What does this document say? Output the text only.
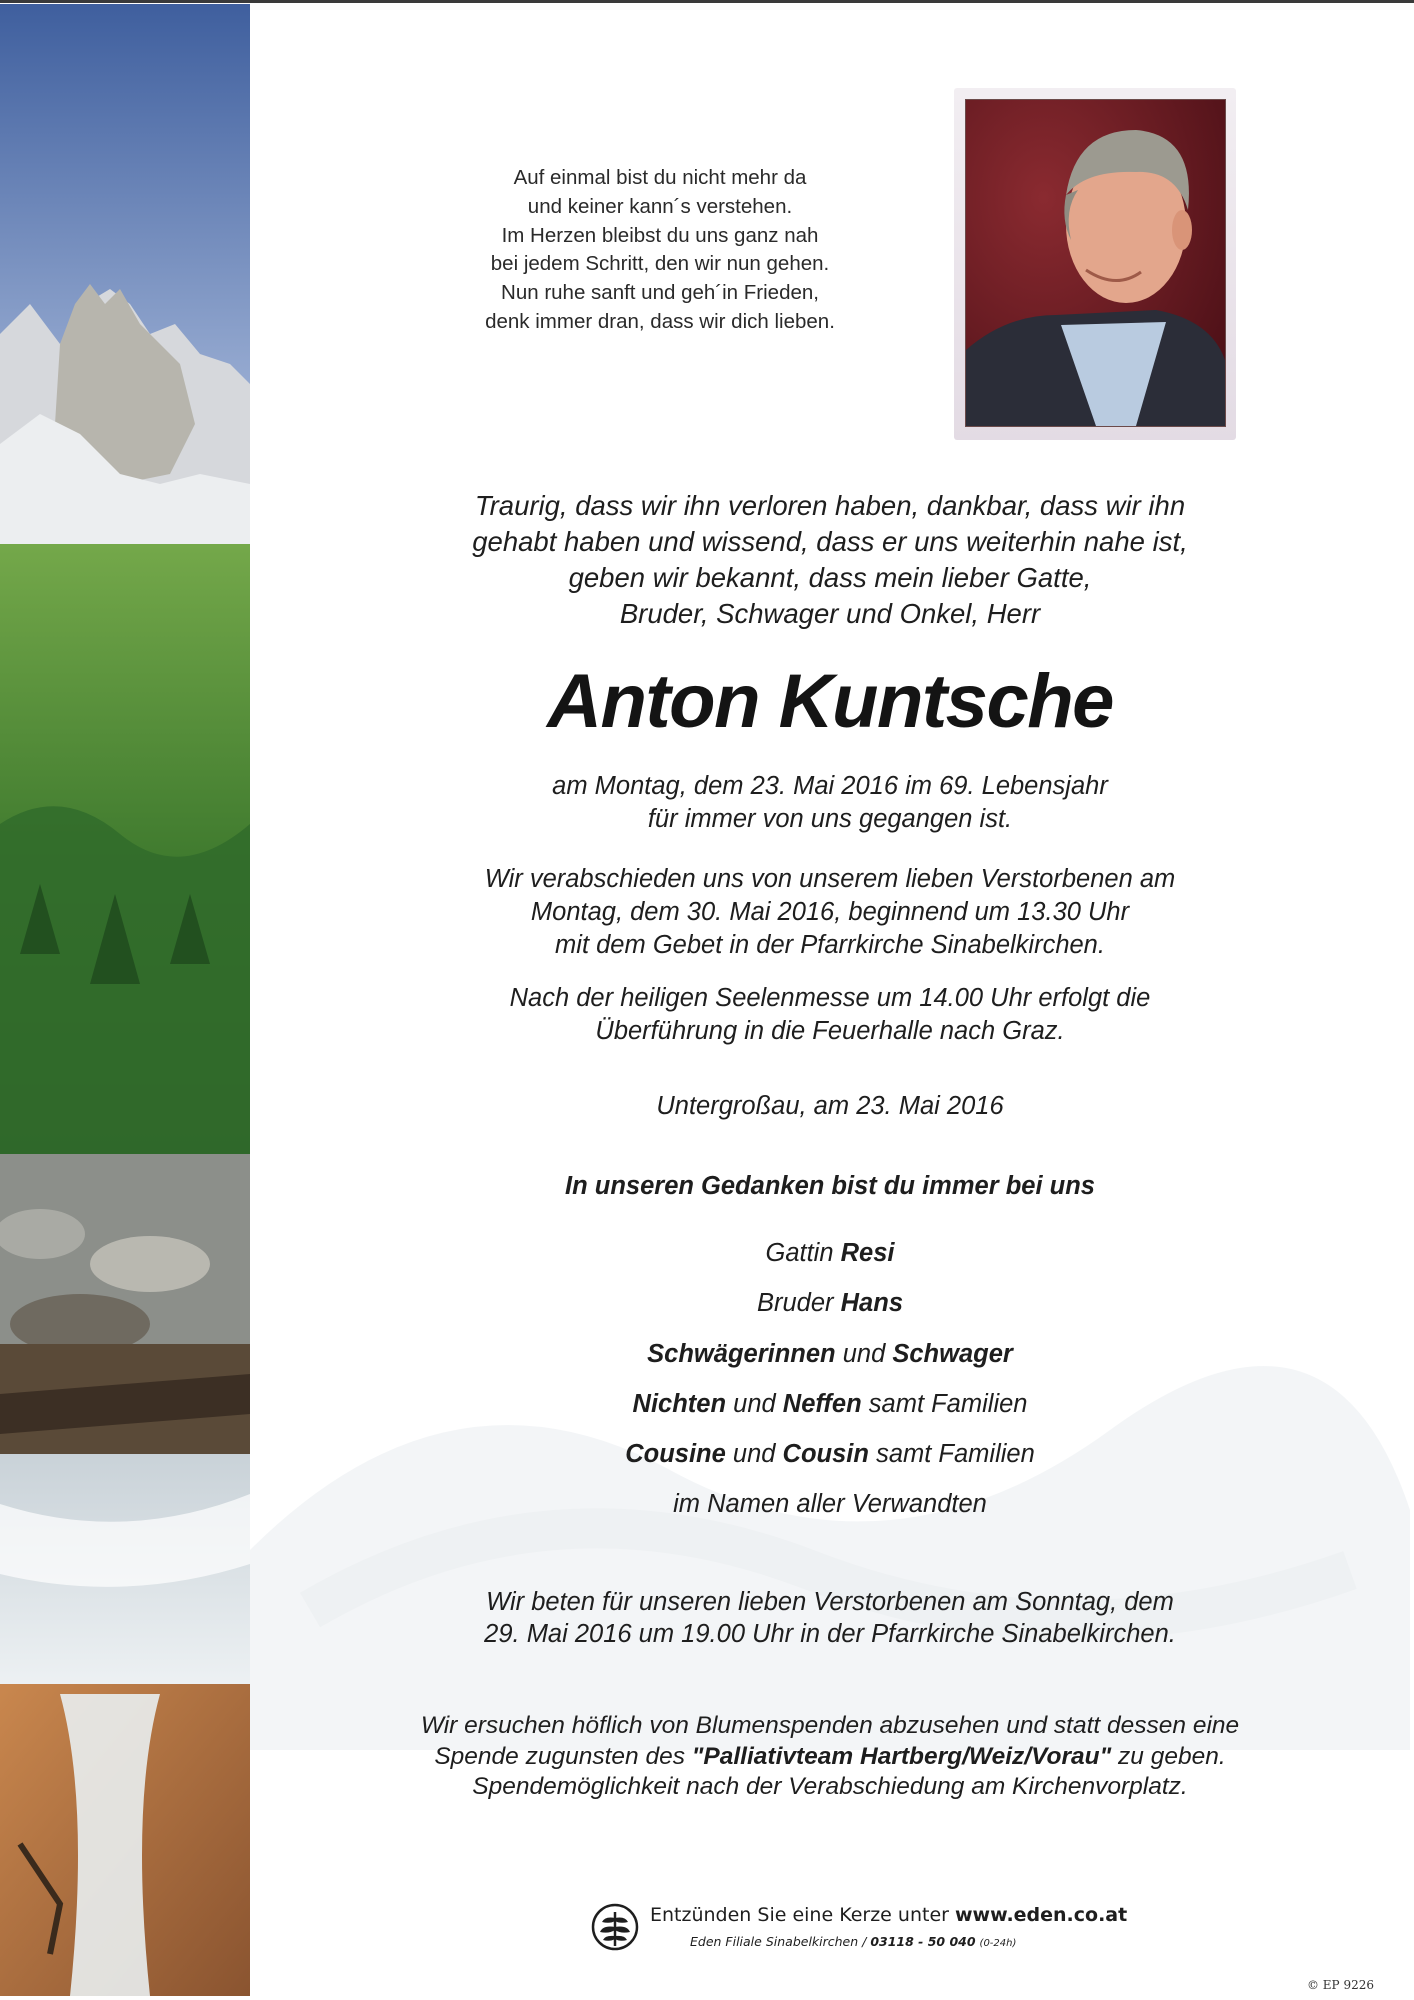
Auf einmal bist du nicht mehr da
und keiner kann´s verstehen.
Im Herzen bleibst du uns ganz nah
bei jedem Schritt, den wir nun gehen.
Nun ruhe sanft und geh´in Frieden,
denk immer dran, dass wir dich lieben.
Traurig, dass wir ihn verloren haben, dankbar, dass wir ihn
gehabt haben und wissend, dass er uns weiterhin nahe ist,
geben wir bekannt, dass mein lieber Gatte,
Bruder, Schwager und Onkel, Herr
Anton Kuntsche
am Montag, dem 23. Mai 2016 im 69. Lebensjahr
für immer von uns gegangen ist.
Wir verabschieden uns von unserem lieben Verstorbenen am
Montag, dem 30. Mai 2016, beginnend um 13.30 Uhr
mit dem Gebet in der Pfarrkirche Sinabelkirchen.
Nach der heiligen Seelenmesse um 14.00 Uhr erfolgt die
Überführung in die Feuerhalle nach Graz.
Untergroßau, am 23. Mai 2016
In unseren Gedanken bist du immer bei uns
Gattin Resi
Bruder Hans
Schwägerinnen und Schwager
Nichten und Neffen samt Familien
Cousine und Cousin samt Familien
im Namen aller Verwandten
Wir beten für unseren lieben Verstorbenen am Sonntag, dem
29. Mai 2016 um 19.00 Uhr in der Pfarrkirche Sinabelkirchen.
Wir ersuchen höflich von Blumenspenden abzusehen und statt dessen eine
Spende zugunsten des "Palliativteam Hartberg/Weiz/Vorau" zu geben.
Spendemöglichkeit nach der Verabschiedung am Kirchenvorplatz.
Entzünden Sie eine Kerze unter www.eden.co.at
Eden Filiale Sinabelkirchen / 03118 - 50 040 (0-24h)
© EP 9226
